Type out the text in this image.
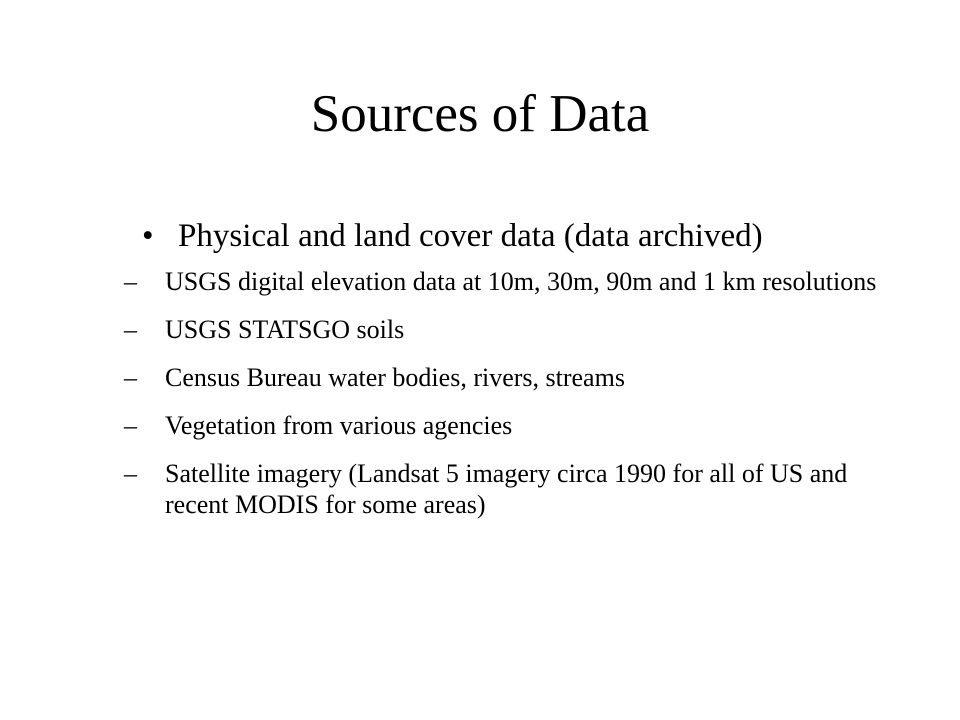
Sources of Data
• Physical and land cover data (data archived)
– USGS digital elevation data at 10m, 30m, 90m and 1 km resolutions
– USGS STATSGO soils
– Census Bureau water bodies, rivers, streams
– Vegetation from various agencies
– Satellite imagery (Landsat 5 imagery circa 1990 for all of US and recent MODIS for some areas)
